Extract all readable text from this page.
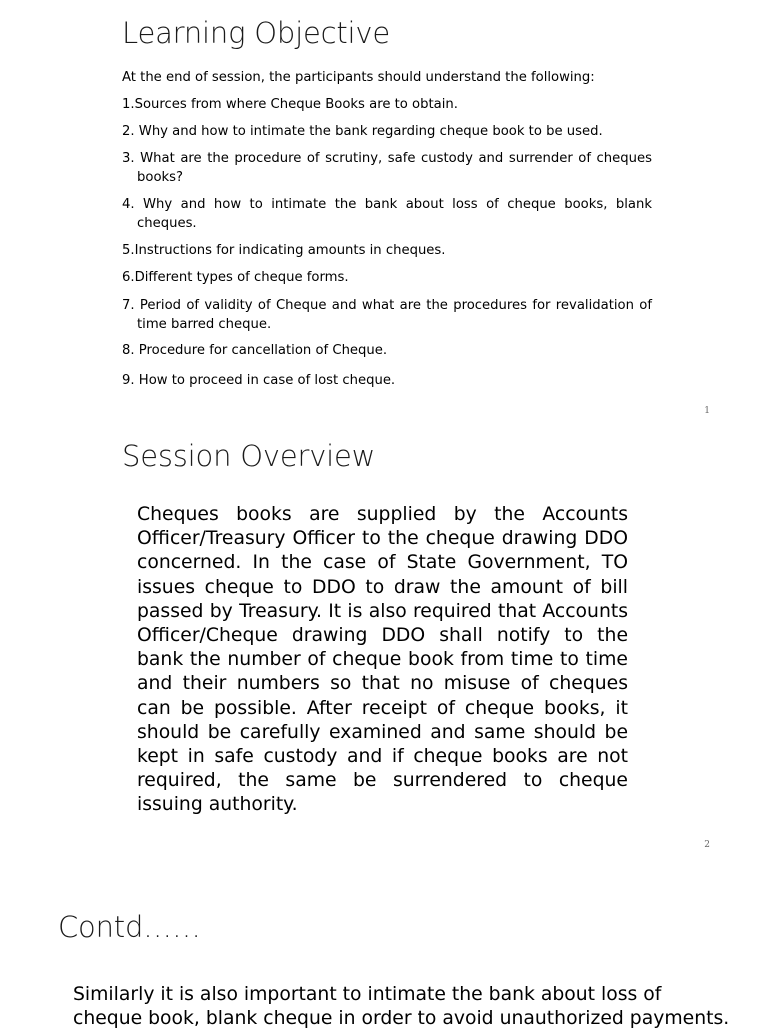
Learning Objective
At the end of session, the participants should understand the following:
1.Sources from where Cheque Books are to obtain.
2. Why and how to intimate the bank regarding cheque book to be used.
3. What are the procedure of scrutiny, safe custody and surrender of cheques books?
4. Why and how to intimate the bank about loss of cheque books, blank cheques.
5.Instructions for indicating amounts in cheques.
6.Different types of cheque forms.
7. Period of validity of Cheque and what are the procedures for revalidation of time barred cheque.
8. Procedure for cancellation of Cheque.
9. How to proceed in case of lost cheque.
1
Session Overview

Cheques books are supplied by the Accounts Officer/Treasury Officer to the cheque drawing DDO concerned. In the case of State Government, TO issues cheque to DDO to draw the amount of bill passed by Treasury. It is also required that Accounts Officer/Cheque drawing DDO shall notify to the bank the number of cheque book from time to time and their numbers so that no misuse of cheques can be possible. After receipt of cheque books, it should be carefully examined and same should be kept in safe custody and if cheque books are not required, the same be surrendered to cheque issuing authority.

2
Contd……

Similarly it is also important to intimate the bank about loss of cheque book, blank cheque in order to avoid unauthorized payments.
